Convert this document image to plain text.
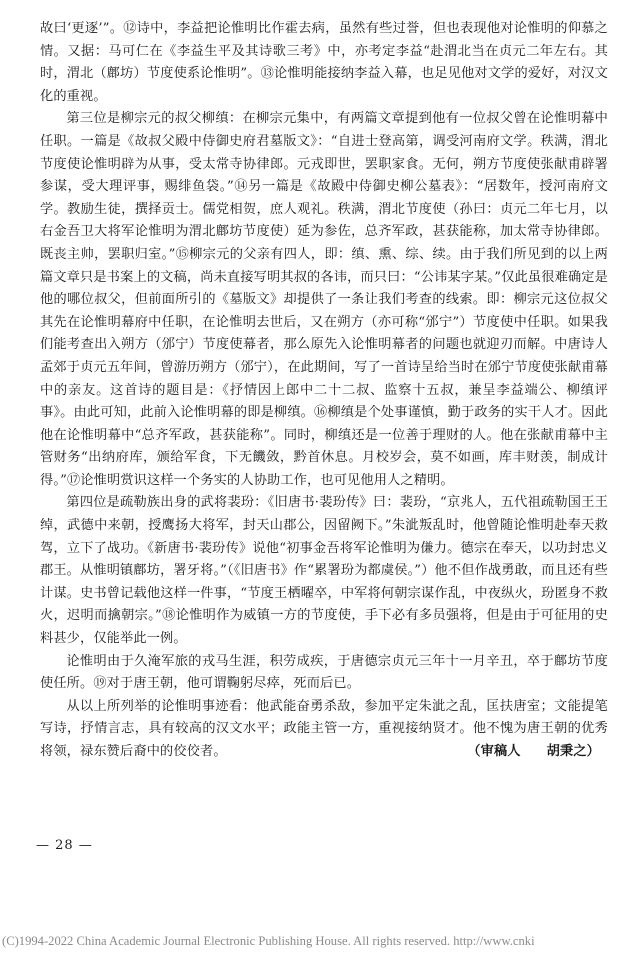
故曰‘更逐’”。⑫诗中，李益把论惟明比作霍去病，虽然有些过誉，但也表现他对论惟明的仰慕之情。又据：马可仁在《李益生平及其诗歌三考》中，亦考定李益“赴渭北当在贞元二年左右。其时，渭北（鄜坊）节度使系论惟明”。⑬论惟明能接纳李益入幕，也足见他对文学的爱好，对汉文化的重视。

第三位是柳宗元的叔父柳缜：在柳宗元集中，有两篇文章提到他有一位叔父曾在论惟明幕中任职。一篇是《故叔父殿中侍御史府君墓版文》：“自进士登高第，调受河南府文学。秩满，渭北节度使论惟明辟为从事，受太常寺协律郎。元戎即世，罢职家食。无何，朔方节度使张献甫辟署参谋，受大理评事，赐绯鱼袋。”⑭另一篇是《故殿中侍御史柳公墓表》：“居数年，授河南府文学。教励生徒，撰择贡士。儒党相贺，庶人观礼。秩满，渭北节度使（孙曰：贞元二年七月，以右金吾卫大将军论惟明为渭北鄜坊节度使）延为参佐，总齐军政，甚获能称，加太常寺协律郎。既丧主帅，罢职归室。”⑮柳宗元的父亲有四人，即：缜、熏、综、续。由于我们所见到的以上两篇文章只是书案上的文稿，尚未直接写明其叔的各讳，而只曰：“公讳某字某。”仅此虽很难确定是他的哪位叔父，但前面所引的《墓版文》却提供了一条让我们考查的线索。即：柳宗元这位叔父其先在论惟明幕府中任职，在论惟明去世后，又在朔方（亦可称“邠宁”）节度使中任职。如果我们能考查出入朔方（邠宁）节度使幕者，那么原先入论惟明幕者的问题也就迎刃而解。中唐诗人孟郊于贞元五年间，曾游历朔方（邠宁），在此期间，写了一首诗呈给当时在邠宁节度使张献甫幕中的亲友。这首诗的题目是：《抒情因上郎中二十二叔、监察十五叔，兼呈李益端公、柳缜评事》。由此可知，此前入论惟明幕的即是柳缜。⑯柳缜是个处事谨慎，勤于政务的实干人才。因此他在论惟明幕中“总齐军政，甚获能称”。同时，柳缜还是一位善于理财的人。他在张献甫幕中主管财务“出纳府库，颁给军食，下无饑敛，黔首休息。月校岁会，莫不如画，库丰财羡，制成计得。”⑰论惟明赏识这样一个务实的人协助工作，也可见他用人之精明。

第四位是疏勒族出身的武将裴玢：《旧唐书·裴玢传》曰：裴玢，“京兆人，五代祖疏勒国王王绰，武德中来朝，授鹰扬大将军，封天山郡公，因留阙下。”朱泚叛乱时，他曾随论惟明赴奉天救驾，立下了战功。《新唐书·裴玢传》说他“初事金吾将军论惟明为傔力。德宗在奉天，以功封忠义郡王。从惟明镇鄜坊，署牙将。”（《旧唐书》作“累署玢为都虞侯。”）他不但作战勇敢，而且还有些计谋。史书曾记载他这样一件事，“节度王栖曜卒，中军将何朝宗谋作乱，中夜纵火，玢匿身不救火，迟明而擒朝宗。”⑱论惟明作为威镇一方的节度使，手下必有多员强将，但是由于可征用的史料甚少，仅能举此一例。

论惟明由于久淹军旅的戎马生涯，积劳成疾，于唐德宗贞元三年十一月辛丑，卒于鄜坊节度使任所。⑲对于唐王朝，他可谓鞠躬尽瘁，死而后已。

从以上所列举的论惟明事迹看：他武能奋勇杀敌，参加平定朱泚之乱，匡扶唐室；文能提笔写诗，抒情言志，具有较高的汉文水平；政能主管一方，重视接纳贤才。他不愧为唐王朝的优秀将领，禄东赞后裔中的佼佼者。	（审稿人 胡秉之）

— 28 —
(C)1994-2022 China Academic Journal Electronic Publishing House. All rights reserved. http://www.cnki
